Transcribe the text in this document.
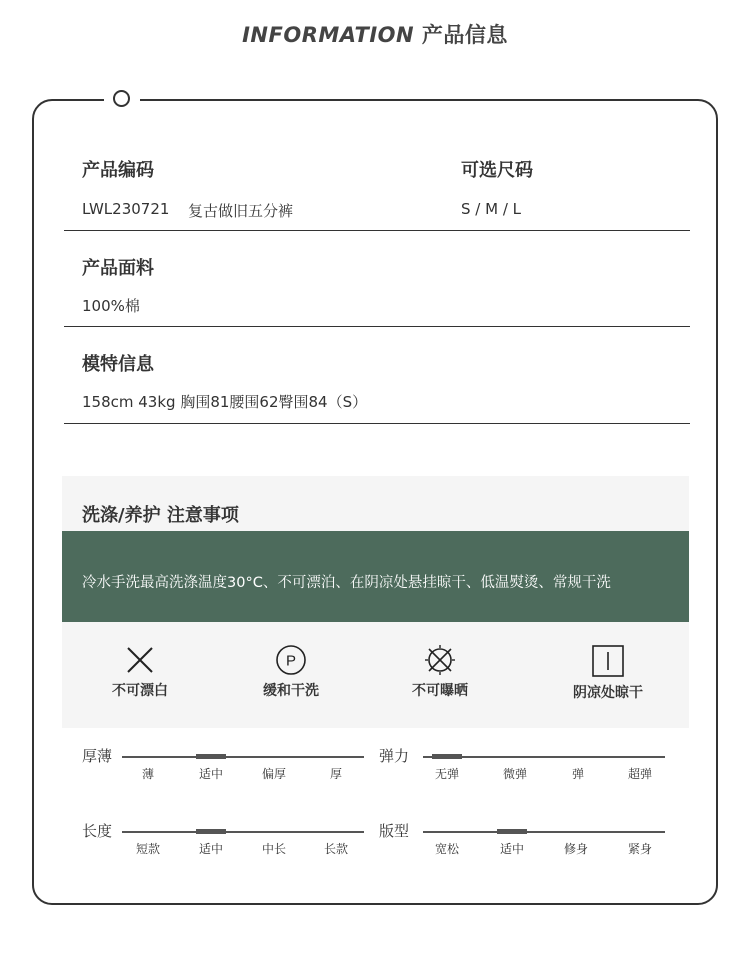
INFORMATION 产品信息
产品编码
LWL230721 复古做旧五分裤
可选尺码
S / M / L
产品面料
100%棉
模特信息
158cm 43kg 胸围81腰围62臀围84（S）
洗涤/养护 注意事项
冷水手洗最高洗涤温度30°C、不可漂泊、在阴凉处悬挂晾干、低温熨烫、常规干洗
不可漂白
P
缓和干洗	不可曝晒	阴凉处晾干
厚薄
薄	适中	偏厚	厚
弹力
无弹	微弹	弹	超弹
长度
短款	适中	中长	长款
版型
宽松	适中	修身	紧身
